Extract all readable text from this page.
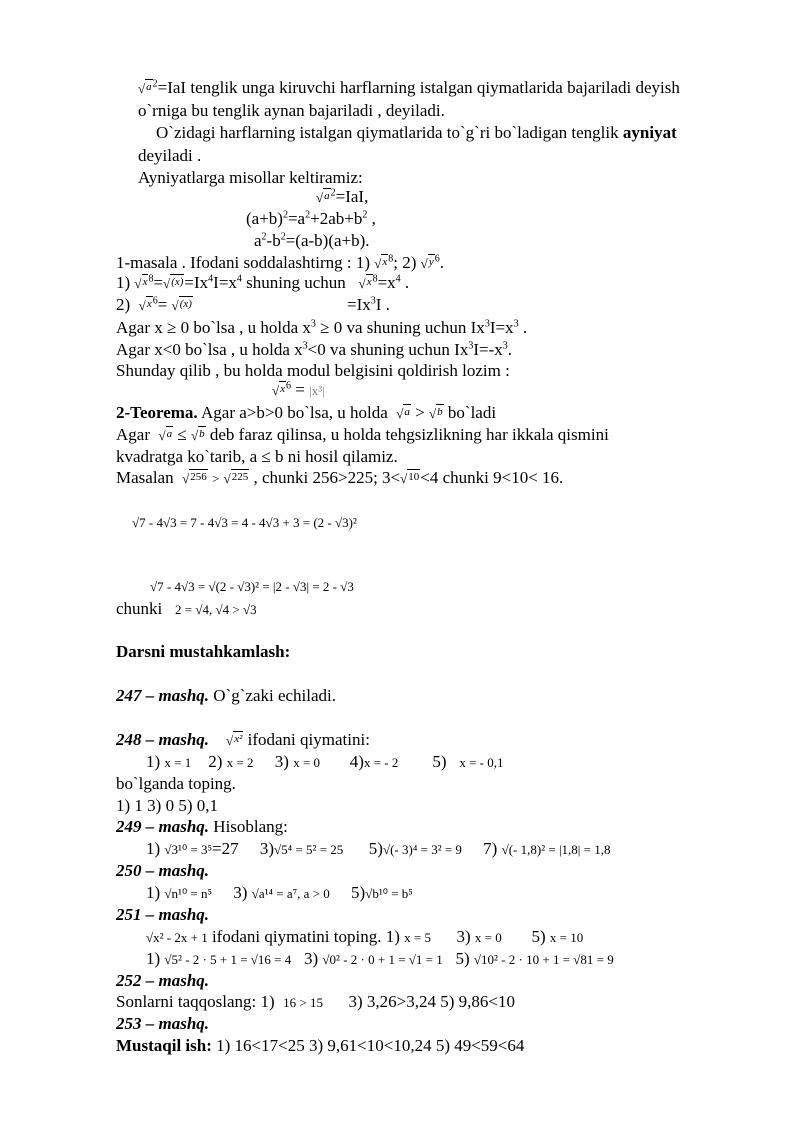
√ a $^2$=IaI tenglik unga kiruvchi harflarning istalgan qiymatlarida bajariladi deyish
o`rniga bu tenglik aynan bajariladi , deyiladi.
O`zidagi harflarning istalgan qiymatlarida to`g`ri bo`ladigan tenglik ayniyat
deyiladi .
Ayniyatlarga misollar keltiramiz:
√ a $^2$=IaI,
$(a+b)^2=a^2+2ab+b^2$ ,
$a^2-b^2=(a-b)(a+b)$.
1-masala . Ifodani soddalashtirng : 1) √ x $^8$; 2) √ y $^6$.
1) √ x $^8$= √ $(x) =Ix^4I=x^4$ shuning uchun √ x $^8=x^4$ .
2) √ x $^6$= √ (x)	$=Ix^3I$ .
Agar x ≥ 0 bo`lsa , u holda $x^3 \ge 0$ va shuning uchun $Ix^3I=x^3$ .
Agar x<0 bo`lsa , u holda $x^3<0$ va shuning uchun $Ix^3I=-x^3$.
Shunday qilib , bu holda modul belgisini qoldirish lozim :
√ x $^6$ = |x³|
2-Teorema. Agar a>b>0 bo`lsa, u holda √ a > √ b bo`ladi
Agar √ a ≤ √ b deb faraz qilinsa, u holda tehgsizlikning har ikkala qismini
kvadratga ko`tarib, a ≤ b ni hosil qilamiz.
Masalan √ 256 > √ 225 , chunki 256>225; 3< √ 10 <4 chunki 9<10< 16.
√7 - 4√3 = 7 - 4√3 = 4 - 4√3 + 3 = (2 - √3)²
√7 - 4√3 = √(2 - √3)² = |2 - √3| = 2 - √3
chunki 2 = √4, √4 > √3
Darsni mustahkamlash:
247 – mashq. O`g`zaki echiladi.
248 – mashq. √ x² ifodani qiymatini:
1) x = 1 2) x = 2 3) x = 0 4)x = - 2 5) x = - 0,1
bo`lganda toping.
1) 1 3) 0 5) 0,1
249 – mashq. Hisoblang:
1) √3¹⁰ = 3⁵=27 3)√5⁴ = 5² = 25 5)√(- 3)⁴ = 3² = 9 7) √(- 1,8)² = |1,8| = 1,8
250 – mashq.
1) √n¹⁰ = n⁵ 3) √a¹⁴ = a⁷, a > 0 5)√b¹⁰ = b⁵
251 – mashq.
√x² - 2x + 1 ifodani qiymatini toping. 1) x = 5 3) x = 0 5) x = 10
1) √5² - 2 · 5 + 1 = √16 = 4 3) √0² - 2 · 0 + 1 = √1 = 1 5) √10² - 2 · 10 + 1 = √81 = 9
252 – mashq.
Sonlarni taqqoslang: 1) 16 > 15 3) 3,26>3,24 5) 9,86<10
253 – mashq.
Mustaqil ish: 1) 16<17<25 3) 9,61<10<10,24 5) 49<59<64
